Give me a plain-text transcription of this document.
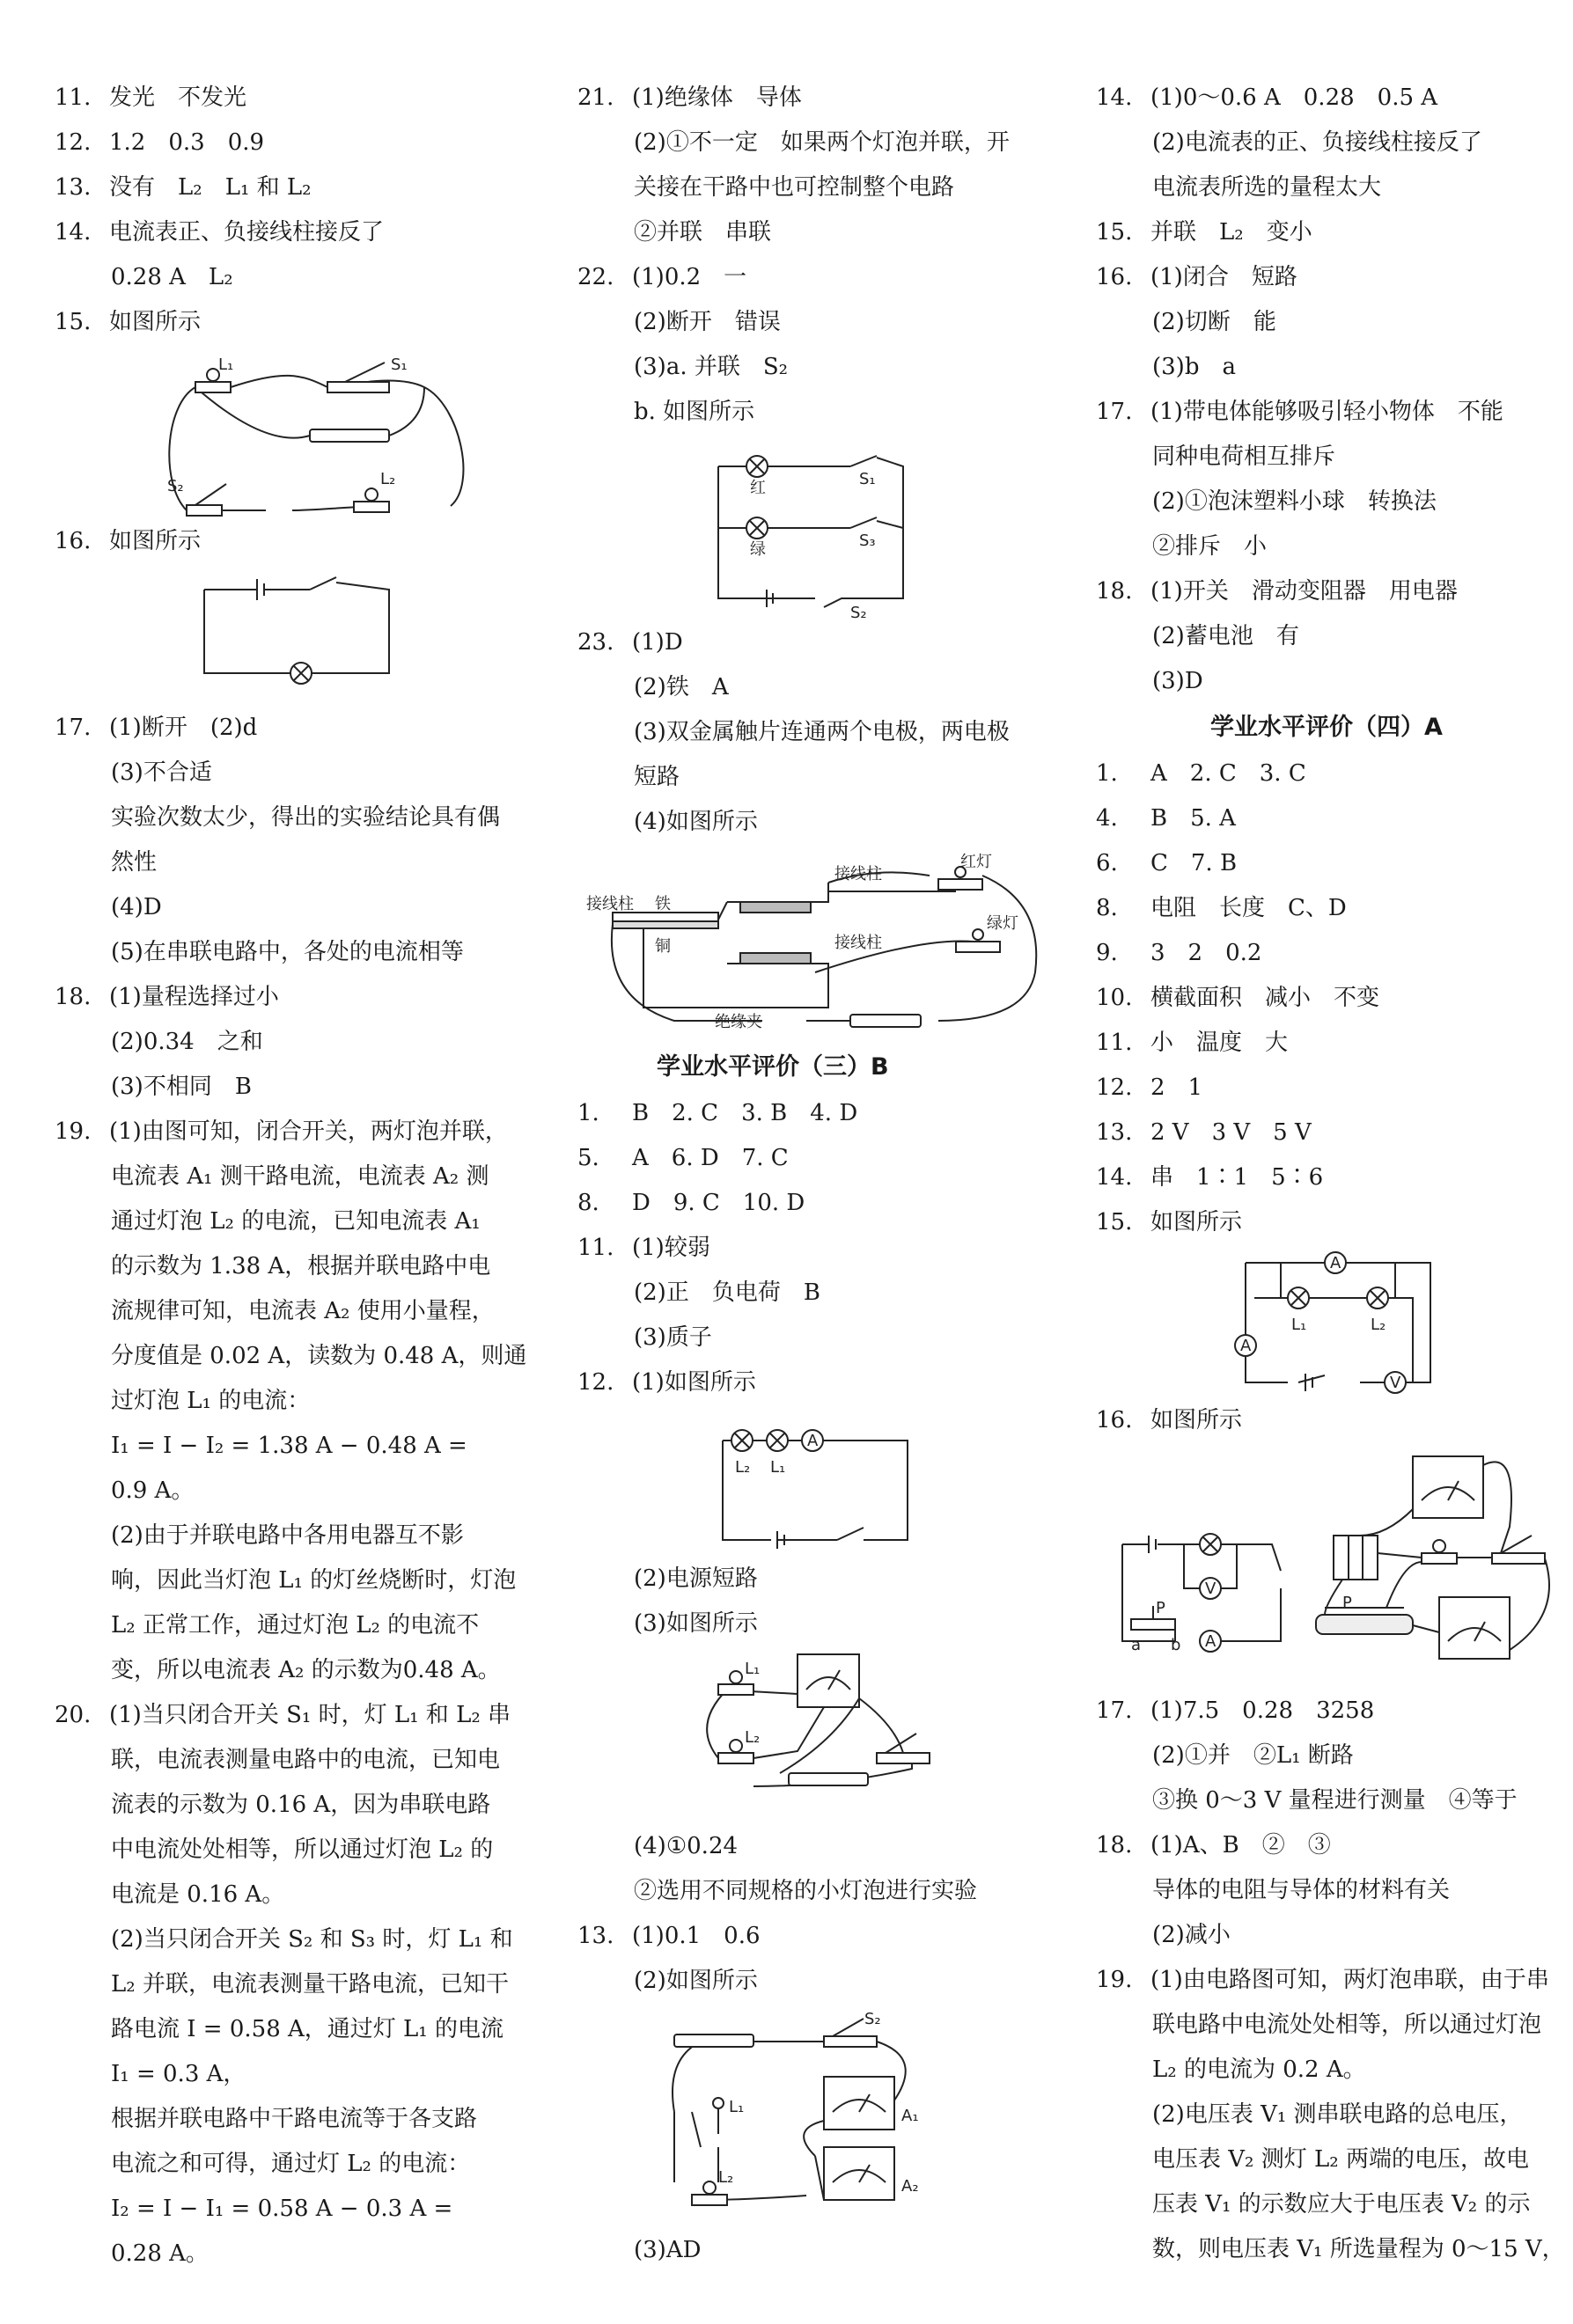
11. 发光　不发光
12. 1.2　0.3　0.9
13. 没有　L₂　L₁ 和 L₂
14. 电流表正、负接线柱接反了
0.28 A　L₂
15. 如图所示
L₁	S₁
S₂	L₂
16. 如图所示
17. (1)断开　(2)d
(3)不合适
实验次数太少，得出的实验结论具有偶
然性
(4)D
(5)在串联电路中，各处的电流相等
18. (1)量程选择过小
(2)0.34　之和
(3)不相同　B
19. (1)由图可知，闭合开关，两灯泡并联，
电流表 A₁ 测干路电流，电流表 A₂ 测
通过灯泡 L₂ 的电流，已知电流表 A₁
的示数为 1.38 A，根据并联电路中电
流规律可知，电流表 A₂ 使用小量程，
分度值是 0.02 A，读数为 0.48 A，则通
过灯泡 L₁ 的电流：
I₁ = I − I₂ = 1.38 A − 0.48 A =
0.9 A。
(2)由于并联电路中各用电器互不影
响，因此当灯泡 L₁ 的灯丝烧断时，灯泡
L₂ 正常工作，通过灯泡 L₂ 的电流不
变，所以电流表 A₂ 的示数为0.48 A。
20. (1)当只闭合开关 S₁ 时，灯 L₁ 和 L₂ 串
联，电流表测量电路中的电流，已知电
流表的示数为 0.16 A，因为串联电路
中电流处处相等，所以通过灯泡 L₂ 的
电流是 0.16 A。
(2)当只闭合开关 S₂ 和 S₃ 时，灯 L₁ 和
L₂ 并联，电流表测量干路电流，已知干
路电流 I = 0.58 A，通过灯 L₁ 的电流
I₁ = 0.3 A，
根据并联电路中干路电流等于各支路
电流之和可得，通过灯 L₂ 的电流：
I₂ = I − I₁ = 0.58 A − 0.3 A =
0.28 A。
21. (1)绝缘体　导体
(2)①不一定　如果两个灯泡并联，开
关接在干路中也可控制整个电路
②并联　串联
22. (1)0.2　一
(2)断开　错误
(3)a. 并联　S₂
b. 如图所示
红
绿
S₁
S₃
S₂
23. (1)D
(2)铁　A
(3)双金属触片连通两个电极，两电极
短路
(4)如图所示
接线柱 铁
铜
接线柱
接线柱
红灯
绿灯
绝缘夹
学业水平评价（三）B
1. B　2. C　3. B　4. D
5. A　6. D　7. C
8. D　9. C　10. D
11. (1)较弱
(2)正　负电荷　B
(3)质子
12. (1)如图所示
A
L₂ L₁
(2)电源短路
(3)如图所示
L₁
L₂
(4)①0.24
②选用不同规格的小灯泡进行实验
13. (1)0.1　0.6
(2)如图所示
L₁
L₂
A₁
A₂
S₂
(3)AD
14. (1)0～0.6 A　0.28　0.5 A
(2)电流表的正、负接线柱接反了
电流表所选的量程太大
15. 并联　L₂　变小
16. (1)闭合　短路
(2)切断　能
(3)b　a
17. (1)带电体能够吸引轻小物体　不能
同种电荷相互排斥
(2)①泡沫塑料小球　转换法
②排斥　小
18. (1)开关　滑动变阻器　用电器
(2)蓄电池　有
(3)D
学业水平评价（四）A
1. A　2. C　3. C
4. B　5. A
6. C　7. B
8. 电阻　长度　C、D
9. 3　2　0.2
10. 横截面积　减小　不变
11. 小　温度　大
12. 2　1
13. 2 V　3 V　5 V
14. 串　1∶1　5∶6
15. 如图所示
A
A
V
L₁	L₂
16. 如图所示
V
A
P
a b
P
17. (1)7.5　0.28　3258
(2)①并　②L₁ 断路
③换 0～3 V 量程进行测量　④等于
18. (1)A、B　②　③
导体的电阻与导体的材料有关
(2)减小
19. (1)由电路图可知，两灯泡串联，由于串
联电路中电流处处相等，所以通过灯泡
L₂ 的电流为 0.2 A。
(2)电压表 V₁ 测串联电路的总电压，
电压表 V₂ 测灯 L₂ 两端的电压，故电
压表 V₁ 的示数应大于电压表 V₂ 的示
数，则电压表 V₁ 所选量程为 0～15 V，
